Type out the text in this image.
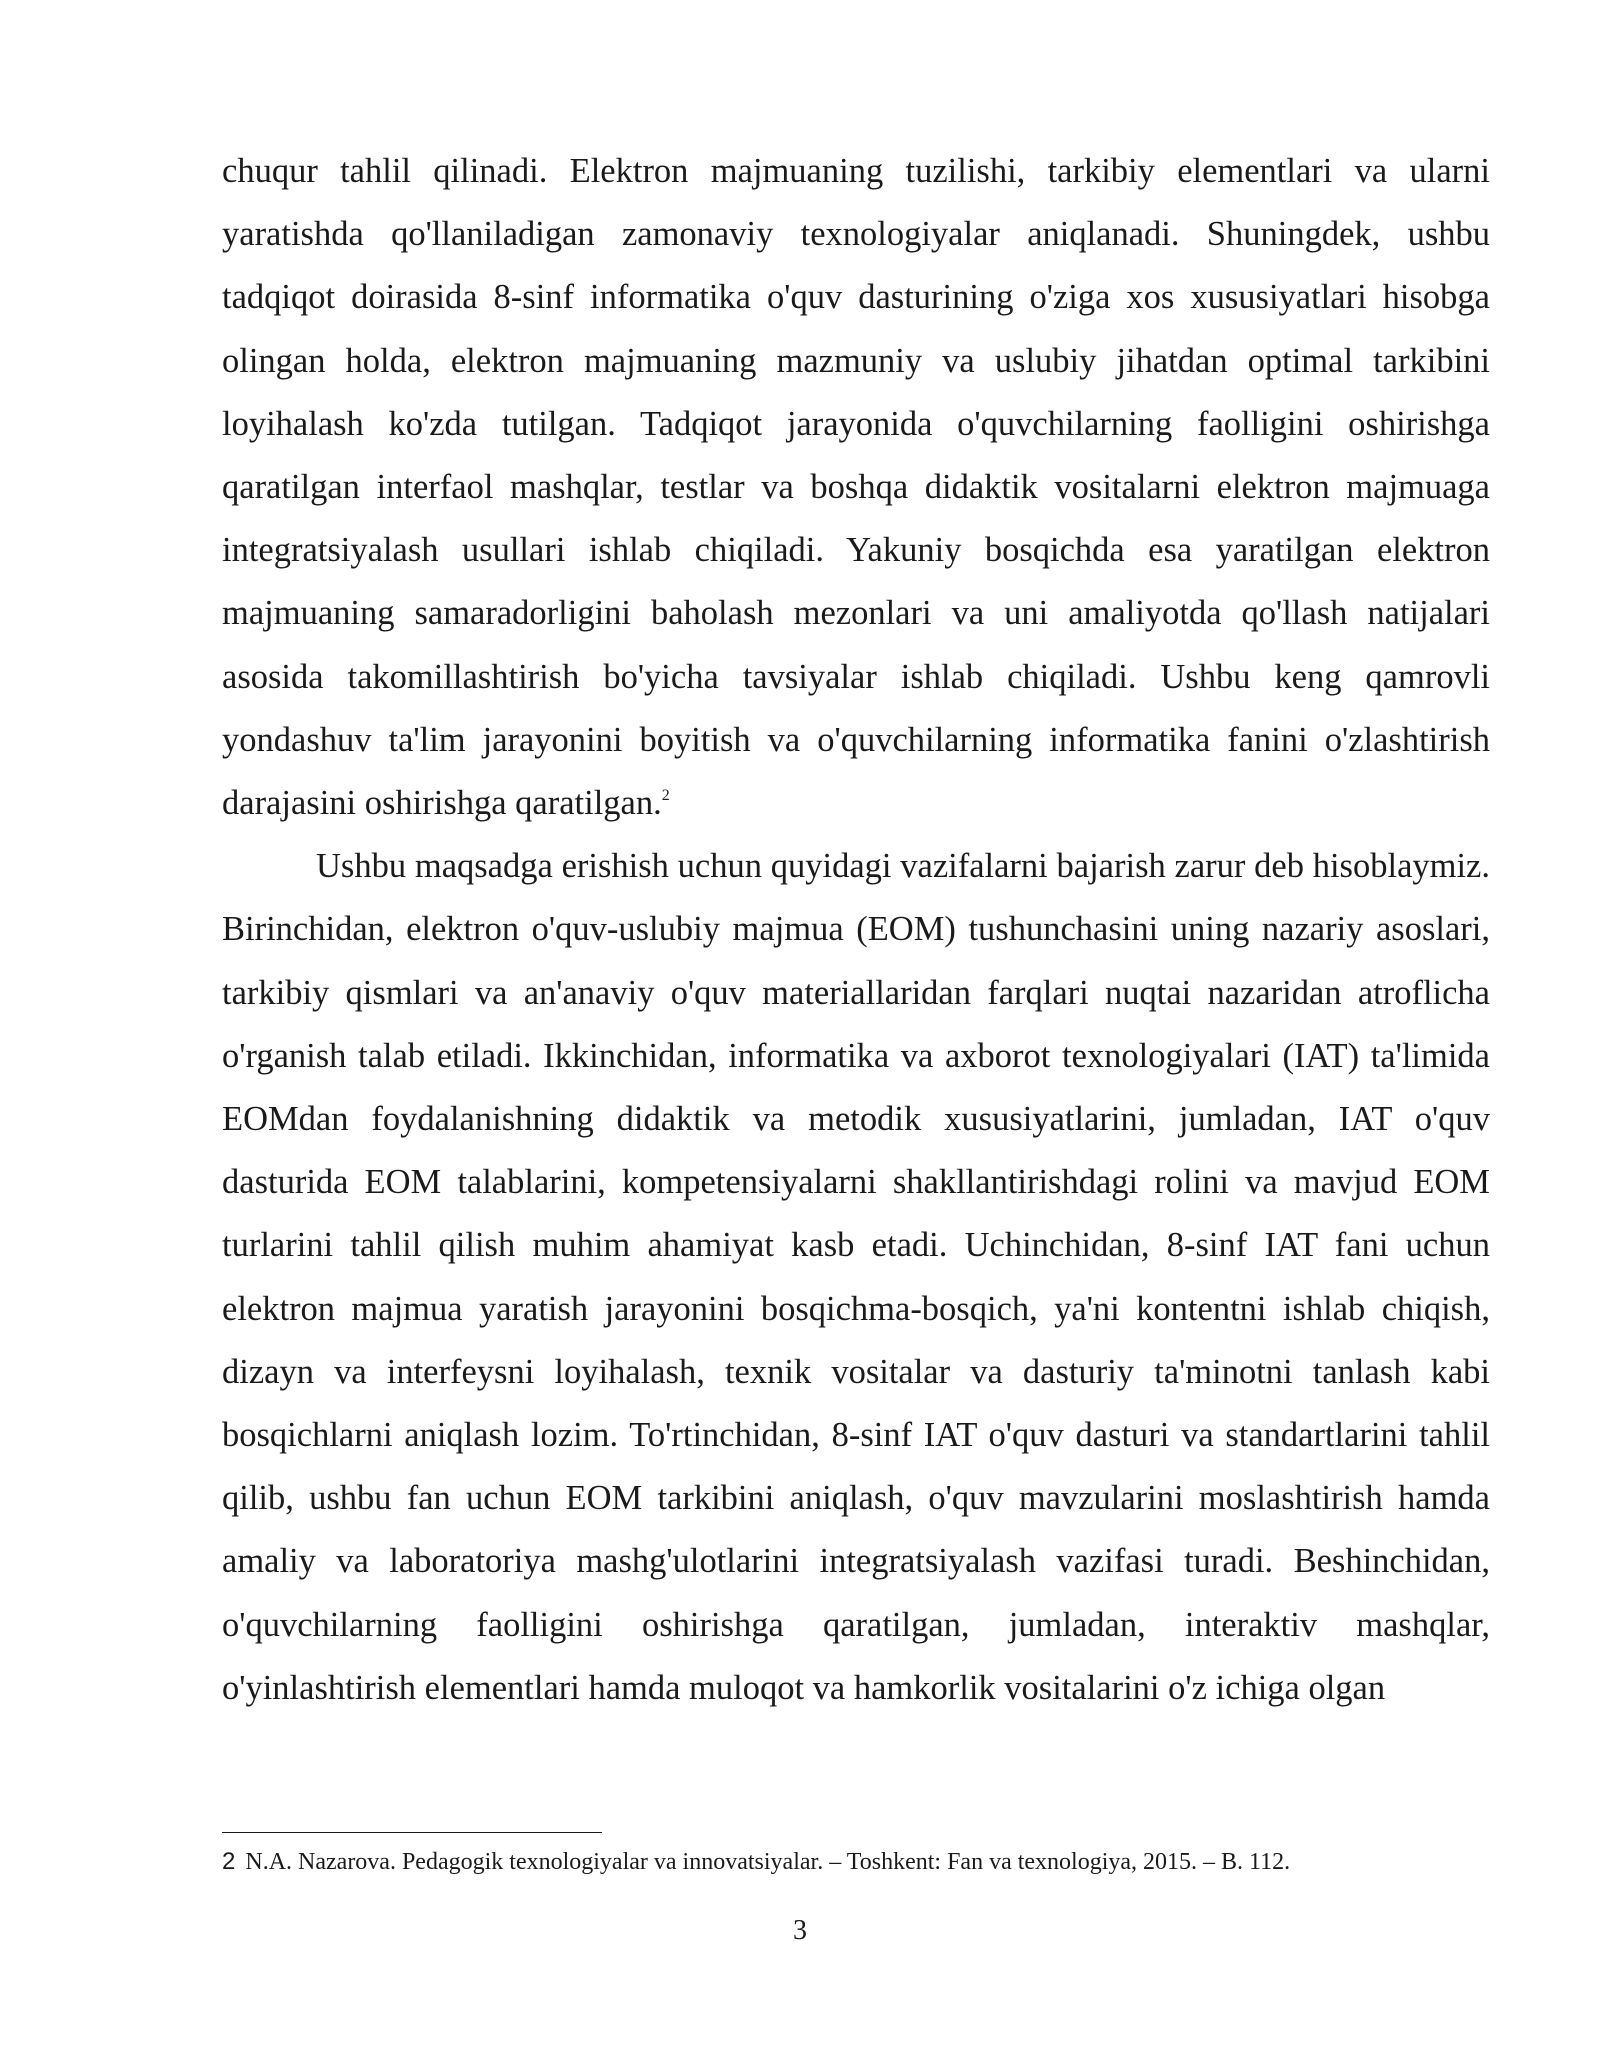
chuqur tahlil qilinadi. Elektron majmuaning tuzilishi, tarkibiy elementlari va ularni yaratishda qo'llaniladigan zamonaviy texnologiyalar aniqlanadi. Shuningdek, ushbu tadqiqot doirasida 8-sinf informatika o'quv dasturining o'ziga xos xususiyatlari hisobga olingan holda, elektron majmuaning mazmuniy va uslubiy jihatdan optimal tarkibini loyihalash ko'zda tutilgan. Tadqiqot jarayonida o'quvchilarning faolligini oshirishga qaratilgan interfaol mashqlar, testlar va boshqa didaktik vositalarni elektron majmuaga integratsiyalash usullari ishlab chiqiladi. Yakuniy bosqichda esa yaratilgan elektron majmuaning samaradorligini baholash mezonlari va uni amaliyotda qo'llash natijalari asosida takomillashtirish bo'yicha tavsiyalar ishlab chiqiladi. Ushbu keng qamrovli yondashuv ta'lim jarayonini boyitish va o'quvchilarning informatika fanini o'zlashtirish darajasini oshirishga qaratilgan.$^2$

Ushbu maqsadga erishish uchun quyidagi vazifalarni bajarish zarur deb hisoblaymiz. Birinchidan, elektron o'quv-uslubiy majmua (EOM) tushunchasini uning nazariy asoslari, tarkibiy qismlari va an'anaviy o'quv materiallaridan farqlari nuqtai nazaridan atroflicha o'rganish talab etiladi. Ikkinchidan, informatika va axborot texnologiyalari (IAT) ta'limida EOMdan foydalanishning didaktik va metodik xususiyatlarini, jumladan, IAT o'quv dasturida EOM talablarini, kompetensiyalarni shakllantirishdagi rolini va mavjud EOM turlarini tahlil qilish muhim ahamiyat kasb etadi. Uchinchidan, 8-sinf IAT fani uchun elektron majmua yaratish jarayonini bosqichma-bosqich, ya'ni kontentni ishlab chiqish, dizayn va interfeysni loyihalash, texnik vositalar va dasturiy ta'minotni tanlash kabi bosqichlarni aniqlash lozim. To'rtinchidan, 8-sinf IAT o'quv dasturi va standartlarini tahlil qilib, ushbu fan uchun EOM tarkibini aniqlash, o'quv mavzularini moslashtirish hamda amaliy va laboratoriya mashg'ulotlarini integratsiyalash vazifasi turadi. Beshinchidan, o'quvchilarning faolligini oshirishga qaratilgan, jumladan, interaktiv mashqlar, o'yinlashtirish elementlari hamda muloqot va hamkorlik vositalarini o'z ichiga olgan

2 N.A. Nazarova. Pedagogik texnologiyalar va innovatsiyalar. – Toshkent: Fan va texnologiya, 2015. – B. 112.
3
